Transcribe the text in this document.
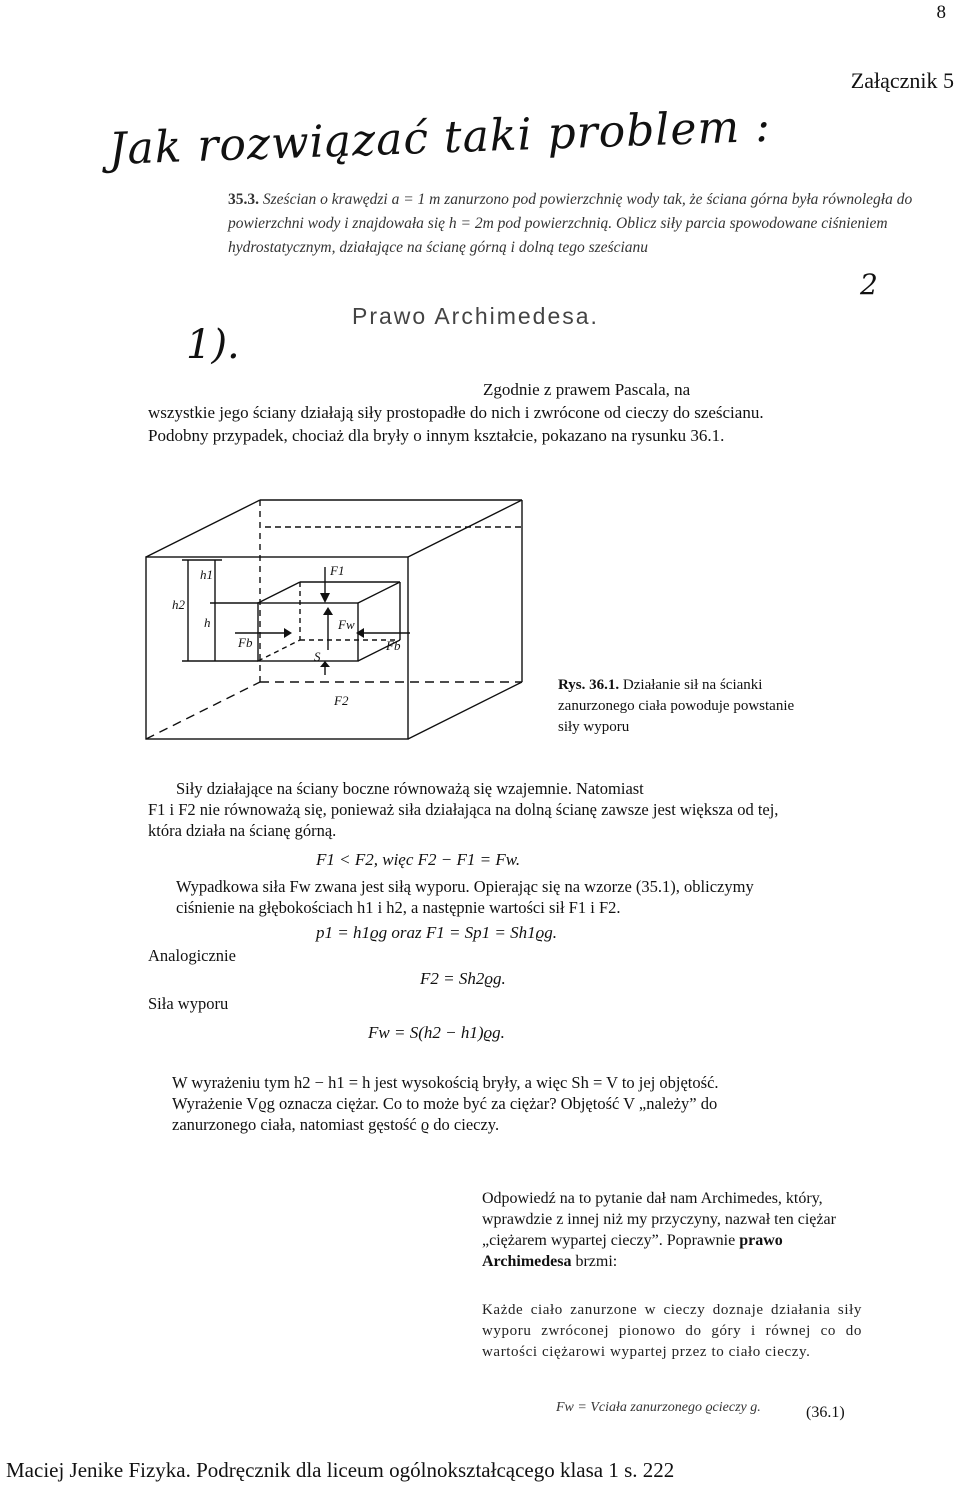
8
Załącznik 5
Jak rozwiązać taki problem :
35.3. Sześcian o krawędzi a = 1 m zanurzono pod powierzchnię wody tak, że ściana górna była równoległa do powierzchni wody i znajdowała się h = 2m pod powierzchnią. Oblicz siły parcia spowodowane ciśnieniem hydrostatycznym, działające na ścianę górną i dolną tego sześcianu
2
1).
Prawo Archimedesa.
Zgodnie z prawem Pascala, na
wszystkie jego ściany działają siły prostopadłe do nich i zwrócone od cieczy do sześcianu. Podobny przypadek, chociaż dla bryły o innym kształcie, pokazano na rysunku 36.1.
h1
h2
h
F1
F2
Fw
Fb	Fb
S
Rys. 36.1. Działanie sił na ścianki zanurzonego ciała powoduje powstanie siły wyporu
Siły działające na ściany boczne równoważą się wzajemnie. Natomiast
F1 i F2 nie równoważą się, ponieważ siła działająca na dolną ścianę zawsze jest większa od tej, która działa na ścianę górną.
F1 < F2, więc F2 − F1 = Fw.
Wypadkowa siła Fw zwana jest siłą wyporu. Opierając się na wzorze (35.1), obliczymy ciśnienie na głębokościach h1 i h2, a następnie wartości sił F1 i F2.
p1 = h1ϱg oraz F1 = Sp1 = Sh1ϱg.
Analogicznie
F2 = Sh2ϱg.
Siła wyporu
Fw = S(h2 − h1)ϱg.
W wyrażeniu tym h2 − h1 = h jest wysokością bryły, a więc Sh = V to jej objętość. Wyrażenie Vϱg oznacza ciężar. Co to może być za ciężar? Objętość V „należy” do zanurzonego ciała, natomiast gęstość ϱ do cieczy.
Odpowiedź na to pytanie dał nam Archimedes, który, wprawdzie z innej niż my przyczyny, nazwał ten ciężar „ciężarem wypartej cieczy”. Poprawnie prawo Archimedesa brzmi:
Każde ciało zanurzone w cieczy doznaje działania siły wyporu zwróconej pionowo do góry i równej co do wartości ciężarowi wypartej przez to ciało cieczy.
Fw = Vciała zanurzonego ϱcieczy g.	(36.1)
Maciej Jenike Fizyka. Podręcznik dla liceum ogólnokształcącego klasa 1 s. 222
